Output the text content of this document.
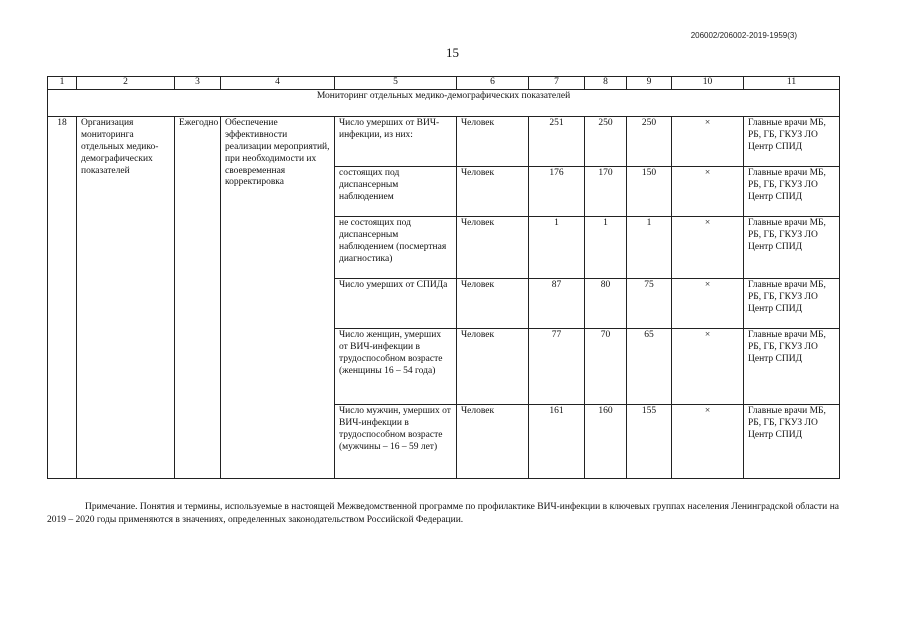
206002/206002-2019-1959(3)
15
1	2	3	4	5	6	7	8	9	10	11
Мониторинг отдельных медико-демографических показателей										
18	Организация мониторинга отдельных медико-демографических показателей	Ежегодно	Обеспечение эффективности реализации мероприятий, при необходимости их своевременная корректировка	Число умерших от ВИЧ-инфекции, из них:	Человек	251	250	250	×	Главные врачи МБ, РБ, ГБ, ГКУЗ ЛО Центр СПИД
				состоящих под диспансерным наблюдением	Человек	176	170	150	×	Главные врачи МБ, РБ, ГБ, ГКУЗ ЛО Центр СПИД
				не состоящих под диспансерным наблюдением (посмертная диагностика)	Человек	1	1	1	×	Главные врачи МБ, РБ, ГБ, ГКУЗ ЛО Центр СПИД
				Число умерших от СПИДа	Человек	87	80	75	×	Главные врачи МБ, РБ, ГБ, ГКУЗ ЛО Центр СПИД
				Число женщин, умерших от ВИЧ-инфекции в трудоспособном возрасте (женщины 16 – 54 года)	Человек	77	70	65	×	Главные врачи МБ, РБ, ГБ, ГКУЗ ЛО Центр СПИД
				Число мужчин, умерших от ВИЧ-инфекции в трудоспособном возрасте (мужчины – 16 – 59 лет)	Человек	161	160	155	×	Главные врачи МБ, РБ, ГБ, ГКУЗ ЛО Центр СПИД
Примечание. Понятия и термины, используемые в настоящей Межведомственной программе по профилактике ВИЧ-инфекции в ключевых группах населения Ленинградской области на 2019 – 2020 годы применяются в значениях, определенных законодательством Российской Федерации.
